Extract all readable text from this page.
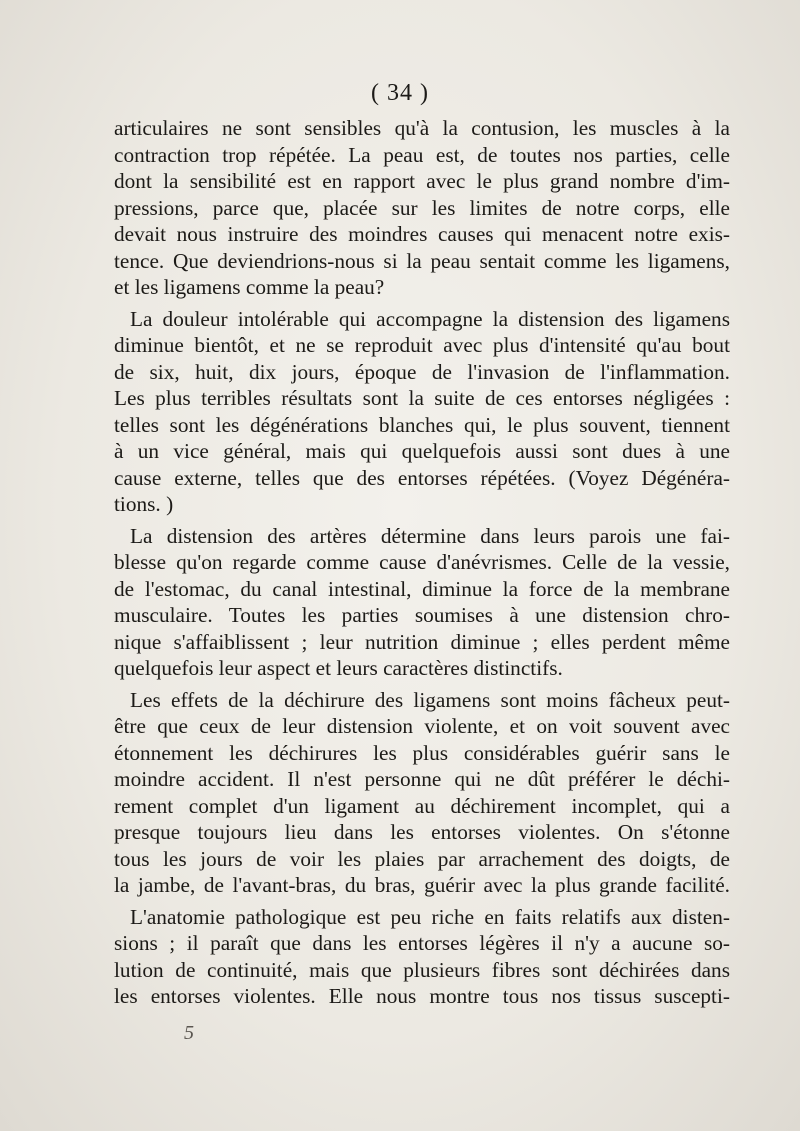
( 34 )
articulaires ne sont sensibles qu'à la contusion, les muscles à la
contraction trop répétée. La peau est, de toutes nos parties, celle
dont la sensibilité est en rapport avec le plus grand nombre d'im-
pressions, parce que, placée sur les limites de notre corps, elle
devait nous instruire des moindres causes qui menacent notre exis-
tence. Que deviendrions-nous si la peau sentait comme les ligamens,
et les ligamens comme la peau?
La douleur intolérable qui accompagne la distension des ligamens
diminue bientôt, et ne se reproduit avec plus d'intensité qu'au bout
de six, huit, dix jours, époque de l'invasion de l'inflammation.
Les plus terribles résultats sont la suite de ces entorses négligées :
telles sont les dégénérations blanches qui, le plus souvent, tiennent
à un vice général, mais qui quelquefois aussi sont dues à une
cause externe, telles que des entorses répétées. (Voyez Dégénéra-
tions. )
La distension des artères détermine dans leurs parois une fai-
blesse qu'on regarde comme cause d'anévrismes. Celle de la vessie,
de l'estomac, du canal intestinal, diminue la force de la membrane
musculaire. Toutes les parties soumises à une distension chro-
nique s'affaiblissent ; leur nutrition diminue ; elles perdent même
quelquefois leur aspect et leurs caractères distinctifs.
Les effets de la déchirure des ligamens sont moins fâcheux peut-
être que ceux de leur distension violente, et on voit souvent avec
étonnement les déchirures les plus considérables guérir sans le
moindre accident. Il n'est personne qui ne dût préférer le déchi-
rement complet d'un ligament au déchirement incomplet, qui a
presque toujours lieu dans les entorses violentes. On s'étonne
tous les jours de voir les plaies par arrachement des doigts, de
la jambe, de l'avant-bras, du bras, guérir avec la plus grande facilité.
L'anatomie pathologique est peu riche en faits relatifs aux disten-
sions ; il paraît que dans les entorses légères il n'y a aucune so-
lution de continuité, mais que plusieurs fibres sont déchirées dans
les entorses violentes. Elle nous montre tous nos tissus suscepti-
5
